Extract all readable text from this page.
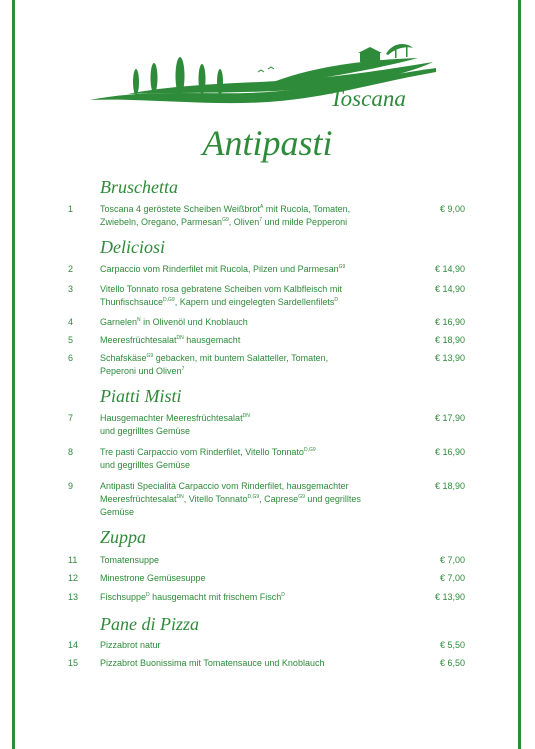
Toscana
Antipasti
Bruschetta
1	Toscana 4 geröstete Scheiben Weißbrot$^A$ mit Rucola, Tomaten,
Zwiebeln, Oregano, Parmesan$^{G9}$, Oliven$^7$ und milde Pepperoni
€ 9,00
Deliciosi
2	Carpaccio vom Rinderfilet mit Rucola, Pilzen und Parmesan$^{G9}$	€ 14,90
3	Vitello Tonnato rosa gebratene Scheiben vom Kalbfleisch mit
Thunfischsauce$^{D,G9}$, Kapern und eingelegten Sardellenfilets$^D$
€ 14,90
4	Garnelen$^N$ in Olivenöl und Knoblauch	€ 16,90
5	Meeresfrüchtesalat$^{DN}$ hausgemacht	€ 18,90
6	Schafskäse$^{G9}$ gebacken, mit buntem Salatteller, Tomaten,
Peperoni und Oliven$^7$
€ 13,90
Piatti Misti
7	Hausgemachter Meeresfrüchtesalat$^{DN}$
und gegrilltes Gemüse
€ 17,90
8	Tre pasti Carpaccio vom Rinderfilet, Vitello Tonnato$^{D,G9}$
und gegrilltes Gemüse
€ 16,90
9	Antipasti Specialità Carpaccio vom Rinderfilet, hausgemachter
Meeresfrüchtesalat$^{DN}$, Vitello Tonnato$^{D,G9}$, Caprese$^{G9}$ und gegrilltes
Gemüse
€ 18,90
Zuppa
11	Tomatensuppe	€ 7,00
12 Minestrone Gemüsesuppe	€ 7,00
13 Fischsuppe$^D$ hausgemacht mit frischem Fisch$^D$	€ 13,90
Pane di Pizza
14 Pizzabrot natur	€ 5,50
15 Pizzabrot Buonissima mit Tomatensauce und Knoblauch	€ 6,50
